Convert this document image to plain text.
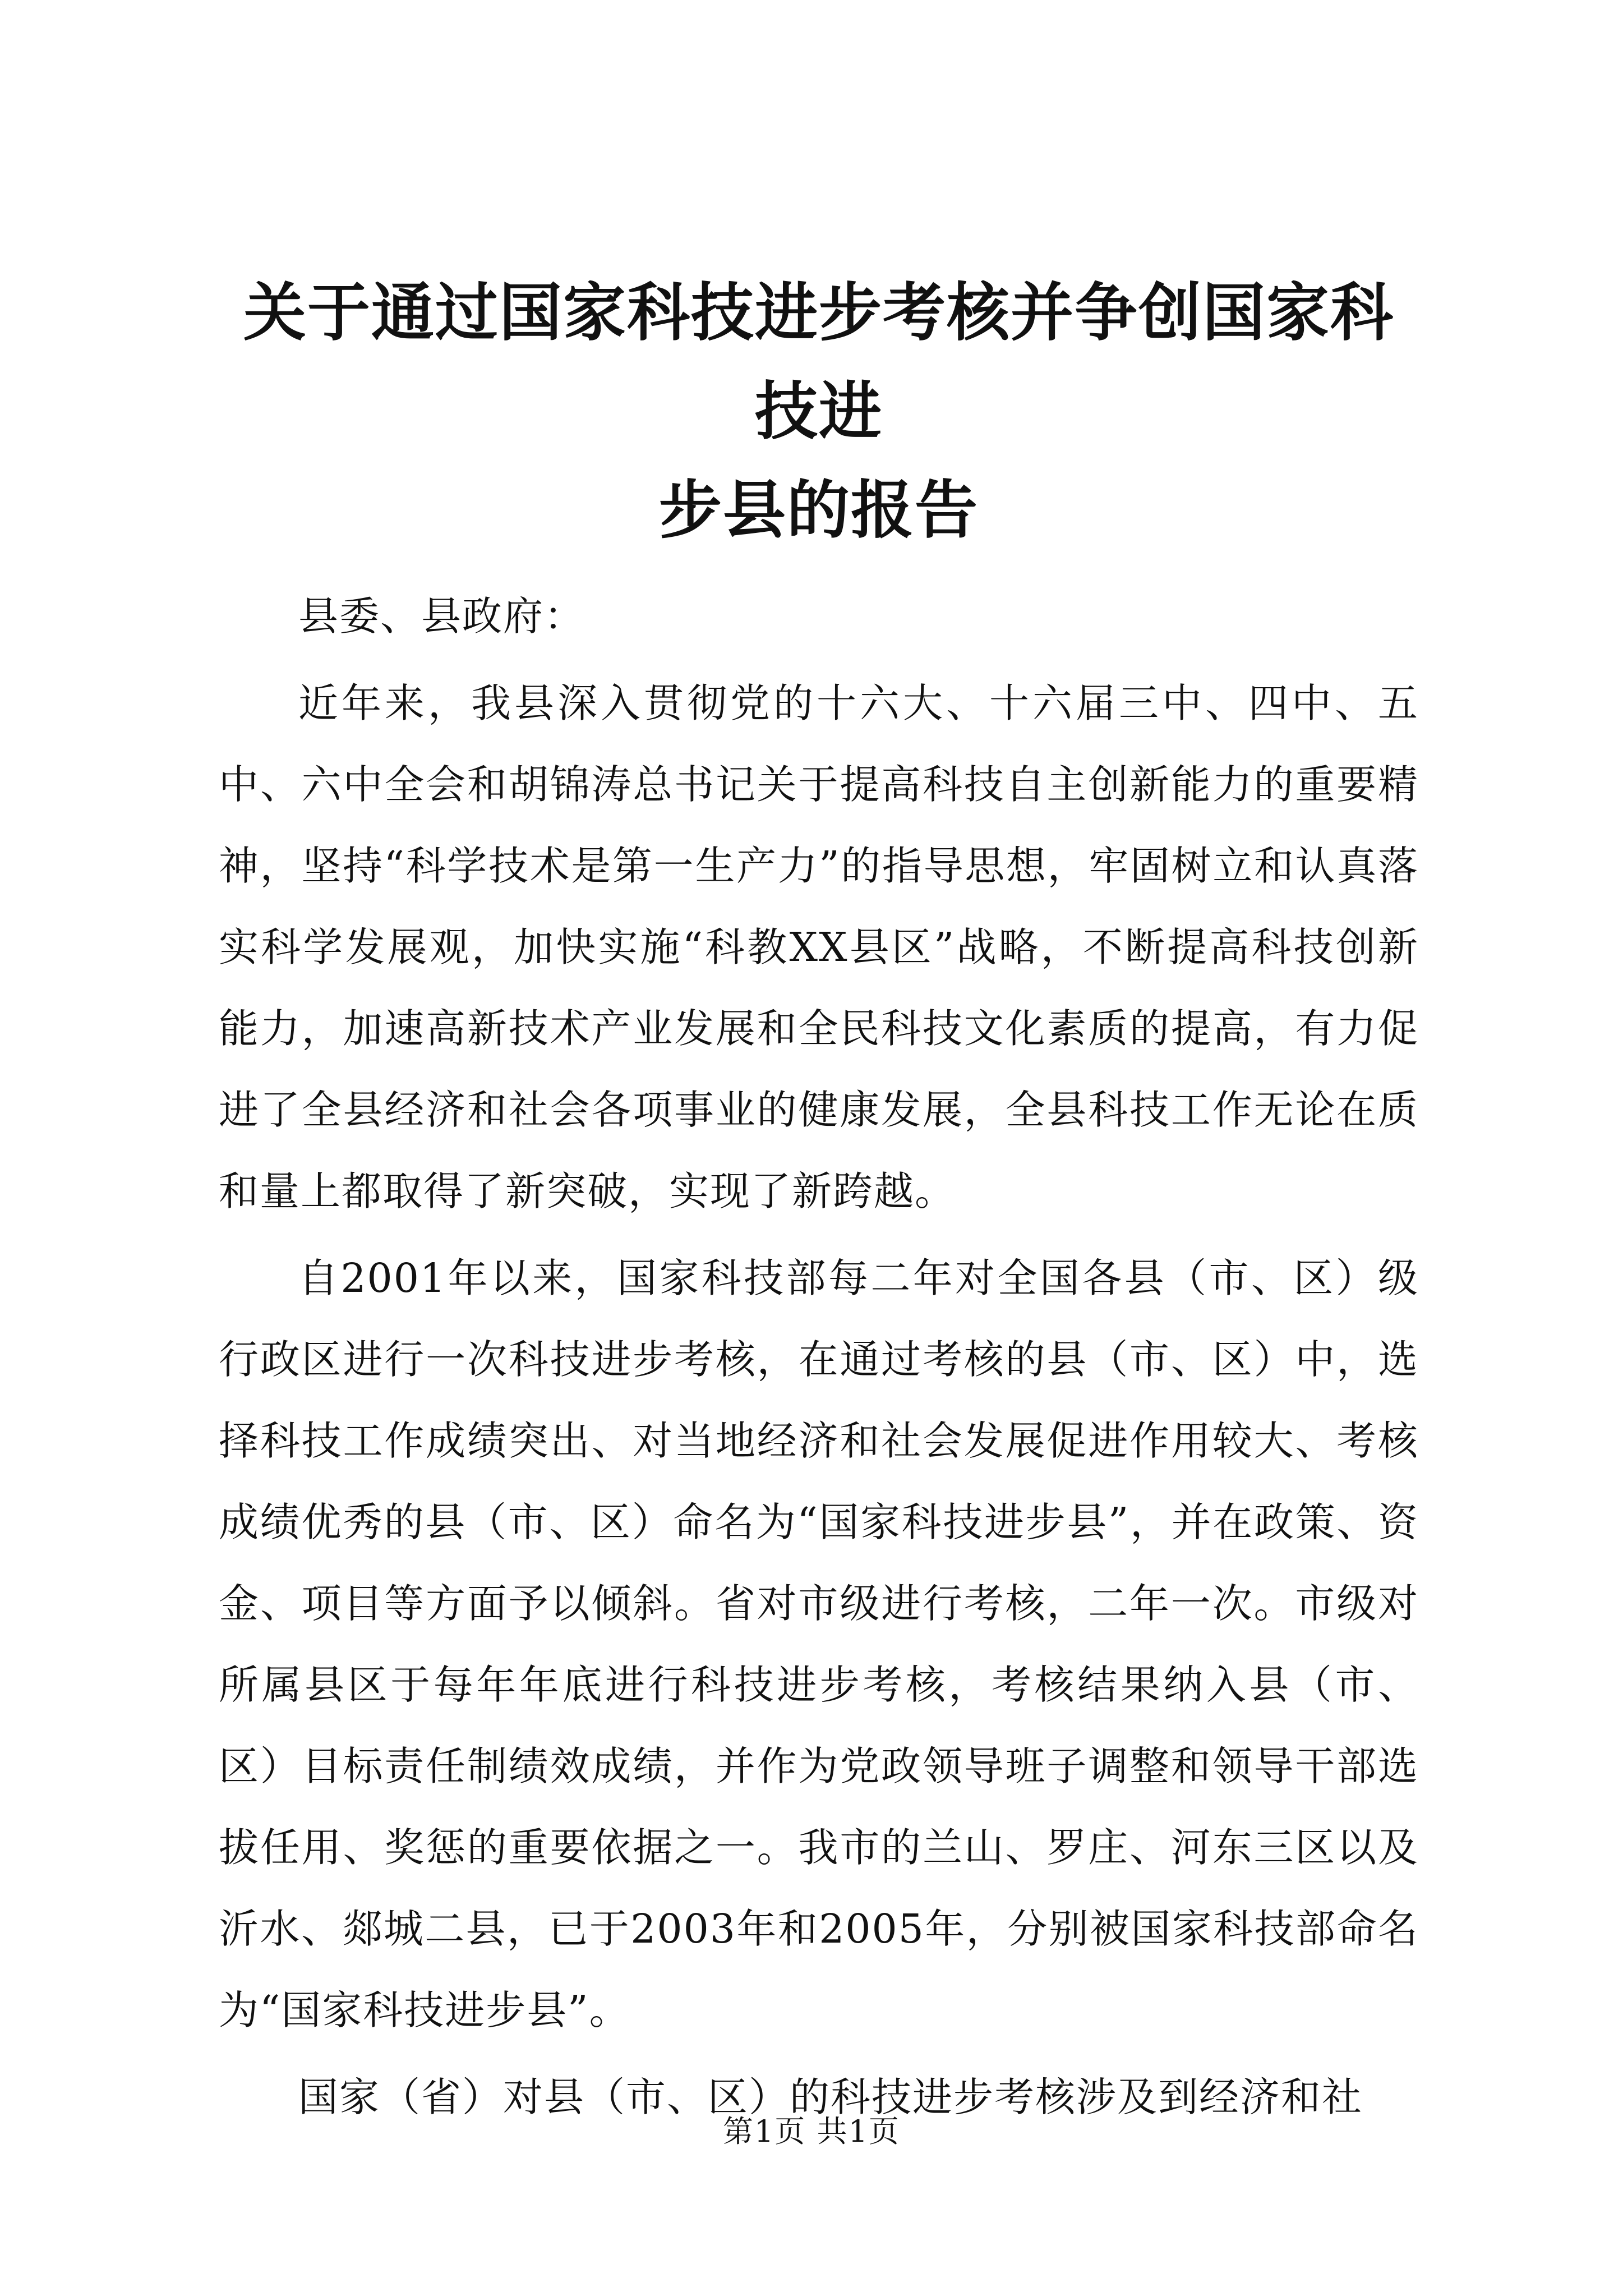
关于通过国家科技进步考核并争创国家科技进
步县的报告

县委、县政府：

近年来，我县深入贯彻党的十六大、十六届三中、四中、五中、六中全会和胡锦涛总书记关于提高科技自主创新能力的重要精神，坚持“科学技术是第一生产力”的指导思想，牢固树立和认真落实科学发展观，加快实施“科教XX县区”战略，不断提高科技创新能力，加速高新技术产业发展和全民科技文化素质的提高，有力促进了全县经济和社会各项事业的健康发展，全县科技工作无论在质和量上都取得了新突破，实现了新跨越。

自2001年以来，国家科技部每二年对全国各县（市、区）级行政区进行一次科技进步考核，在通过考核的县（市、区）中，选择科技工作成绩突出、对当地经济和社会发展促进作用较大、考核成绩优秀的县（市、区）命名为“国家科技进步县”，并在政策、资金、项目等方面予以倾斜。省对市级进行考核，二年一次。市级对所属县区于每年年底进行科技进步考核，考核结果纳入县（市、区）目标责任制绩效成绩，并作为党政领导班子调整和领导干部选拔任用、奖惩的重要依据之一。我市的兰山、罗庄、河东三区以及沂水、郯城二县，已于2003年和2005年，分别被国家科技部命名为“国家科技进步县”。

国家（省）对县（市、区）的科技进步考核涉及到经济和社

第1页 共1页
